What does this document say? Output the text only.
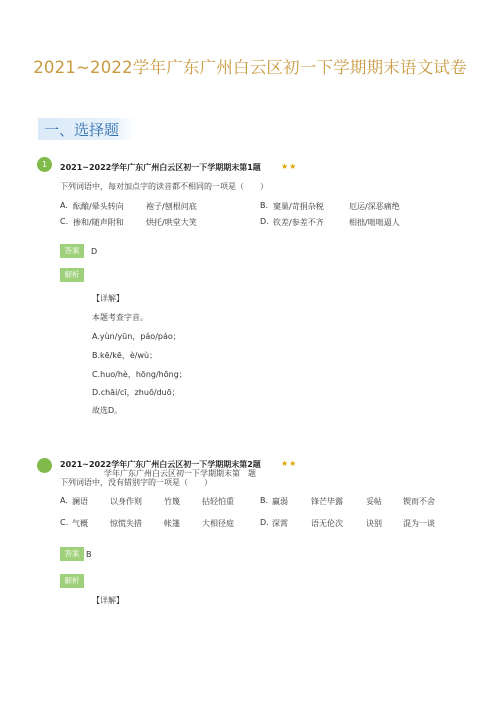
2021~2022学年广东广州白云区初一下学期期末语文试卷
一、选择题
1	2021~2022学年广东广州白云区初一下学期期末第1题	★★
下列词语中，每对加点字的读音都不相同的一项是（　　）
A. 酝酿/晕头转向	袍子/刨根问底	B. 窠巢/苛捐杂税	厄运/深恶痛绝
C. 掺和/随声附和	烘托/哄堂大笑	D. 钦差/参差不齐	相拙/咄咄逼人
答案	D
解析
【详解】
本题考查字音。
A.yùn/yūn，páo/páo；
B.kē/kē，è/wù；
C.huo/hè，hōng/hōng；
D.chāi/cī，zhuō/duō；
故选D。
2021~2022学年广东广州白云区初一下学期期末第2题	★★
学年广东广州白云区初一下学期期末第　题
下列词语中，没有错别字的一项是（　　）
A. 澜语	以身作则	竹篾	拈轻怕重	B. 赢弱	锋芒毕露	妥帖	锲而不舍
C. 气概	惊慌失措	帐篷	大相径庭	D. 深霄	语无伦次	诀别	混为一谈
答案 B
解析
【详解】
